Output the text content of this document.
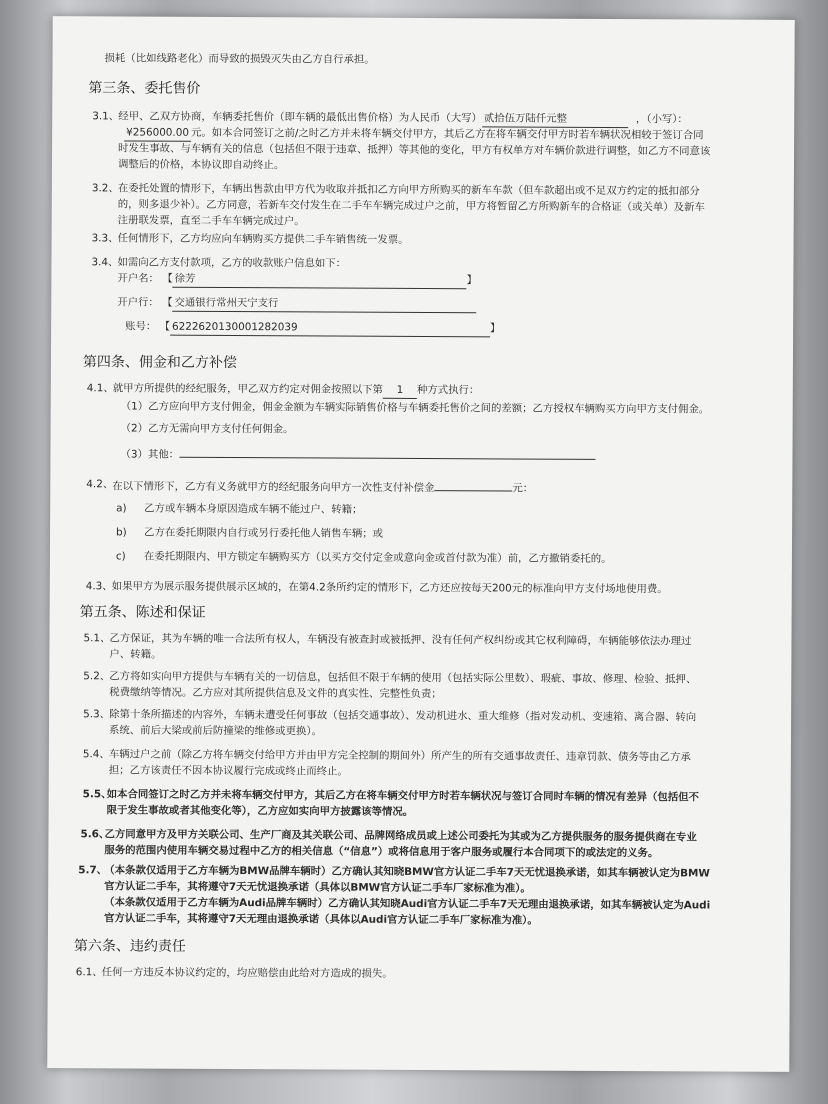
损耗（比如线路老化）而导致的损毁灭失由乙方自行承担。
第三条、委托售价
3.1、 经甲、乙双方协商，车辆委托售价（即车辆的最低出售价格）为人民币（大写） 贰拾伍万陆仟元整	，（小写）：
¥256000.00 元。如本合同签订之前/之时乙方并未将车辆交付甲方，其后乙方在将车辆交付甲方时若车辆状况相较于签订合同
时发生事故、与车辆有关的信息（包括但不限于违章、抵押）等其他的变化，甲方有权单方对车辆价款进行调整，如乙方不同意该
调整后的价格，本协议即自动终止。
3.2、 在委托处置的情形下，车辆出售款由甲方代为收取并抵扣乙方向甲方所购买的新车车款（但车款超出或不足双方约定的抵扣部分
的，则多退少补）。乙方同意，若新车交付发生在二手车车辆完成过户之前，甲方将暂留乙方所购新车的合格证（或关单）及新车
注册联发票，直至二手车车辆完成过户。
3.3、 任何情形下，乙方均应向车辆购买方提供二手车销售统一发票。
3.4、 如需向乙方支付款项，乙方的收款账户信息如下：
开户名： 【 徐芳	】
开户行： 【 交通银行常州天宁支行
账号： 【 6222620130001282039	】
第四条、佣金和乙方补偿
4.1、 就甲方所提供的经纪服务，甲乙双方约定对佣金按照以下第 1 种方式执行：
（1）乙方应向甲方支付佣金，佣金金额为车辆实际销售价格与车辆委托售价之间的差额；乙方授权车辆购买方向甲方支付佣金。
（2）乙方无需向甲方支付任何佣金。
（3）其他：
4.2、 在以下情形下，乙方有义务就甲方的经纪服务向甲方一次性支付补偿金	元：
a) 乙方或车辆本身原因造成车辆不能过户、转籍；
b) 乙方在委托期限内自行或另行委托他人销售车辆；或
c) 在委托期限内、甲方锁定车辆购买方（以买方交付定金或意向金或首付款为准）前，乙方撤销委托的。
4.3、 如果甲方为展示服务提供展示区域的，在第4.2条所约定的情形下，乙方还应按每天200元的标准向甲方支付场地使用费。
第五条、陈述和保证
5.1、 乙方保证，其为车辆的唯一合法所有权人，车辆没有被查封或被抵押、没有任何产权纠纷或其它权利障碍，车辆能够依法办理过
户、转籍。
5.2、 乙方将如实向甲方提供与车辆有关的一切信息，包括但不限于车辆的使用（包括实际公里数）、瑕疵、事故、修理、检验、抵押、
税费缴纳等情况。乙方应对其所提供信息及文件的真实性、完整性负责；
5.3、 除第十条所描述的内容外，车辆未遭受任何事故（包括交通事故）、发动机进水、重大维修（指对发动机、变速箱、离合器、转向
系统、前后大梁或前后防撞梁的维修或更换）。
5.4、 车辆过户之前（除乙方将车辆交付给甲方并由甲方完全控制的期间外）所产生的所有交通事故责任、违章罚款、债务等由乙方承
担；乙方该责任不因本协议履行完成或终止而终止。
5.5、
如本合同签订之时乙方并未将车辆交付甲方，其后乙方在将车辆交付甲方时若车辆状况与签订合同时车辆的情况有差异（包括但不
限于发生事故或者其他变化等），乙方应如实向甲方披露该等情况。
5.6、
乙方同意甲方及甲方关联公司、生产厂商及其关联公司、品牌网络成员或上述公司委托为其或为乙方提供服务的服务提供商在专业
服务的范围内使用车辆交易过程中乙方的相关信息（“信息”）或将信息用于客户服务或履行本合同项下的或法定的义务。
5.7、
（本条款仅适用于乙方车辆为BMW品牌车辆时）乙方确认其知晓BMW官方认证二手车7天无忧退换承诺，如其车辆被认定为BMW
官方认证二手车，其将遵守7天无忧退换承诺（具体以BMW官方认证二手车厂家标准为准）。
（本条款仅适用于乙方车辆为Audi品牌车辆时）乙方确认其知晓Audi官方认证二手车7天无理由退换承诺，如其车辆被认定为Audi
官方认证二手车，其将遵守7天无理由退换承诺（具体以Audi官方认证二手车厂家标准为准）。
第六条、违约责任
6.1、 任何一方违反本协议约定的，均应赔偿由此给对方造成的损失。
